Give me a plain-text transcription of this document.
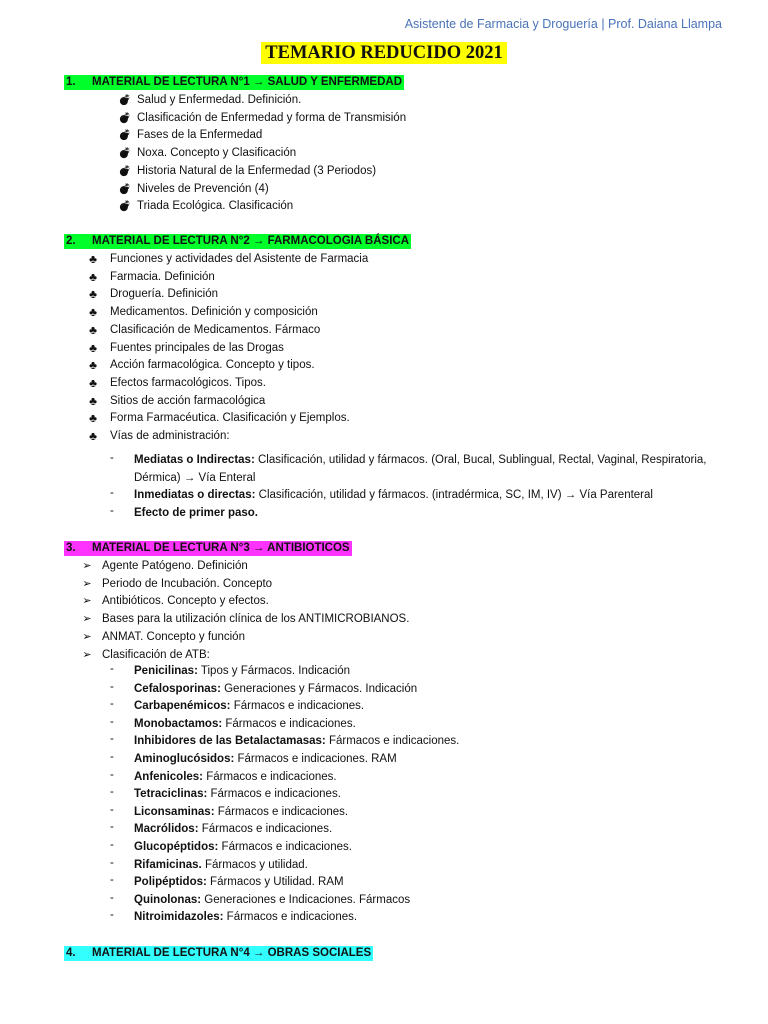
Asistente de Farmacia y Droguería | Prof. Daiana Llampa
TEMARIO REDUCIDO 2021
1. MATERIAL DE LECTURA N°1 → SALUD Y ENFERMEDAD
💣 Salud y Enfermedad. Definición.
💣 Clasificación de Enfermedad y forma de Transmisión
💣 Fases de la Enfermedad
💣 Noxa. Concepto y Clasificación
💣 Historia Natural de la Enfermedad (3 Periodos)
💣 Niveles de Prevención (4)
💣 Triada Ecológica. Clasificación
2. MATERIAL DE LECTURA N°2 → FARMACOLOGIA BÁSICA
♣ Funciones y actividades del Asistente de Farmacia
♣ Farmacia. Definición
♣ Droguería. Definición
♣ Medicamentos. Definición y composición
♣ Clasificación de Medicamentos. Fármaco
♣ Fuentes principales de las Drogas
♣ Acción farmacológica. Concepto y tipos.
♣ Efectos farmacológicos. Tipos.
♣ Sitios de acción farmacológica
♣ Forma Farmacéutica. Clasificación y Ejemplos.
♣ Vías de administración:
- Mediatas o Indirectas: Clasificación, utilidad y fármacos. (Oral, Bucal, Sublingual, Rectal, Vaginal, Respiratoria, Dérmica) → Vía Enteral
- Inmediatas o directas: Clasificación, utilidad y fármacos. (intradérmica, SC, IM, IV) → Vía Parenteral
- Efecto de primer paso.
3. MATERIAL DE LECTURA N°3 → ANTIBIOTICOS
➢ Agente Patógeno. Definición
➢ Periodo de Incubación. Concepto
➢ Antibióticos. Concepto y efectos.
➢ Bases para la utilización clínica de los ANTIMICROBIANOS.
➢ ANMAT. Concepto y función
➢ Clasificación de ATB:
- Penicilinas: Tipos y Fármacos. Indicación
- Cefalosporinas: Generaciones y Fármacos. Indicación
- Carbapenémicos: Fármacos e indicaciones.
- Monobactamos: Fármacos e indicaciones.
- Inhibidores de las Betalactamasas: Fármacos e indicaciones.
- Aminoglucósidos: Fármacos e indicaciones. RAM
- Anfenicoles: Fármacos e indicaciones.
- Tetraciclinas: Fármacos e indicaciones.
- Liconsaminas: Fármacos e indicaciones.
- Macrólidos: Fármacos e indicaciones.
- Glucopéptidos: Fármacos e indicaciones.
- Rifamicinas. Fármacos y utilidad.
- Polipéptidos: Fármacos y Utilidad. RAM
- Quinolonas: Generaciones e Indicaciones. Fármacos
- Nitroimidazoles: Fármacos e indicaciones.
4. MATERIAL DE LECTURA N°4 → OBRAS SOCIALES
